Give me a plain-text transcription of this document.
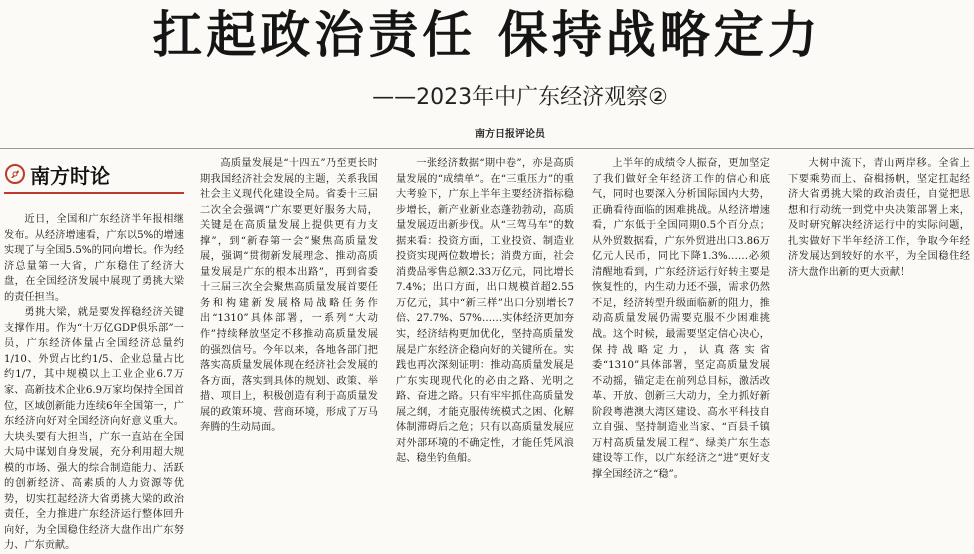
扛起政治责任 保持战略定力
——2023年中广东经济观察②
南方日报评论员
南方时论

近日，全国和广东经济半年报相继发布。从经济增速看，广东以5%的增速实现了与全国5.5%的同向增长。作为经济总量第一大省，广东稳住了经济大盘，在全国经济发展中展现了勇挑大梁的责任担当。

勇挑大梁，就是要发挥稳经济关键支撑作用。作为“十万亿GDP俱乐部”一员，广东经济体量占全国经济总量约1/10、外贸占比约1/5、企业总量占比约1/7，其中规模以上工业企业6.7万家、高新技术企业6.9万家均保持全国首位，区域创新能力连续6年全国第一，广东经济向好对全国经济向好意义重大。大块头要有大担当，广东一直站在全国大局中谋划自身发展，充分利用超大规模的市场、强大的综合制造能力、活跃的创新经济、高素质的人力资源等优势，切实扛起经济大省勇挑大梁的政治责任，全力推进广东经济运行整体回升向好，为全国稳住经济大盘作出广东努力、广东贡献。

高质量发展是“十四五”乃至更长时期我国经济社会发展的主题，关系我国社会主义现代化建设全局。省委十三届二次全会强调“广东要更好服务大局，关键是在高质量发展上提供更有力支撑”，到“新春第一会”聚焦高质量发展，强调“贯彻新发展理念、推动高质量发展是广东的根本出路”，再到省委十三届三次全会聚焦高质量发展首要任务和构建新发展格局战略任务作出“1310”具体部署，一系列“大动作”持续释放坚定不移推动高质量发展的强烈信号。今年以来，各地各部门把落实高质量发展体现在经济社会发展的各方面，落实到具体的规划、政策、举措、项目上，积极创造有利于高质量发展的政策环境、营商环境，形成了万马奔腾的生动局面。

一张经济数据“期中卷”，亦是高质量发展的“成绩单”。在“三重压力”的重大考验下，广东上半年主要经济指标稳步增长，新产业新业态蓬勃勃动，高质量发展迈出新步伐。从“三驾马车”的数据来看：投资方面，工业投资、制造业投资实现两位数增长；消费方面，社会消费品零售总额2.33万亿元，同比增长7.4%；出口方面，出口规模首超2.55万亿元，其中“新三样”出口分别增长7倍、27.7%、57%……实体经济更加夯实，经济结构更加优化，坚持高质量发展是广东经济企稳向好的关键所在。实践也再次深刻证明：推动高质量发展是广东实现现代化的必由之路、光明之路、奋进之路。只有牢牢抓住高质量发展之纲，才能克服传统模式之困、化解体制滞碍后之危；只有以高质量发展应对外部环境的不确定性，才能任凭风浪起、稳坐钓鱼船。

上半年的成绩令人振奋，更加坚定了我们做好全年经济工作的信心和底气，同时也要深入分析国际国内大势，正确看待面临的困难挑战。从经济增速看，广东低于全国同期0.5个百分点；从外贸数据看，广东外贸进出口3.86万亿元人民币，同比下降1.3%……必须清醒地看到，广东经济运行好转主要是恢复性的，内生动力还不强，需求仍然不足，经济转型升级面临新的阻力，推动高质量发展仍需要克服不少困难挑战。这个时候，最需要坚定信心决心，保持战略定力，认真落实省委“1310”具体部署，坚定高质量发展不动摇，锚定走在前列总目标，激活改革、开放、创新三大动力，全力抓好新阶段粤港澳大湾区建设、高水平科技自立自强、坚持制造业当家、“百县千镇万村高质量发展工程”、绿美广东生态建设等工作，以广东经济之“进”更好支撑全国经济之“稳”。

大树中流下，青山两岸移。全省上下要乘势而上、奋楫扬帆，坚定扛起经济大省勇挑大梁的政治责任，自觉把思想和行动统一到党中央决策部署上来，及时研究解决经济运行中的实际问题，扎实做好下半年经济工作，争取今年经济发展达到较好的水平，为全国稳住经济大盘作出新的更大贡献！
